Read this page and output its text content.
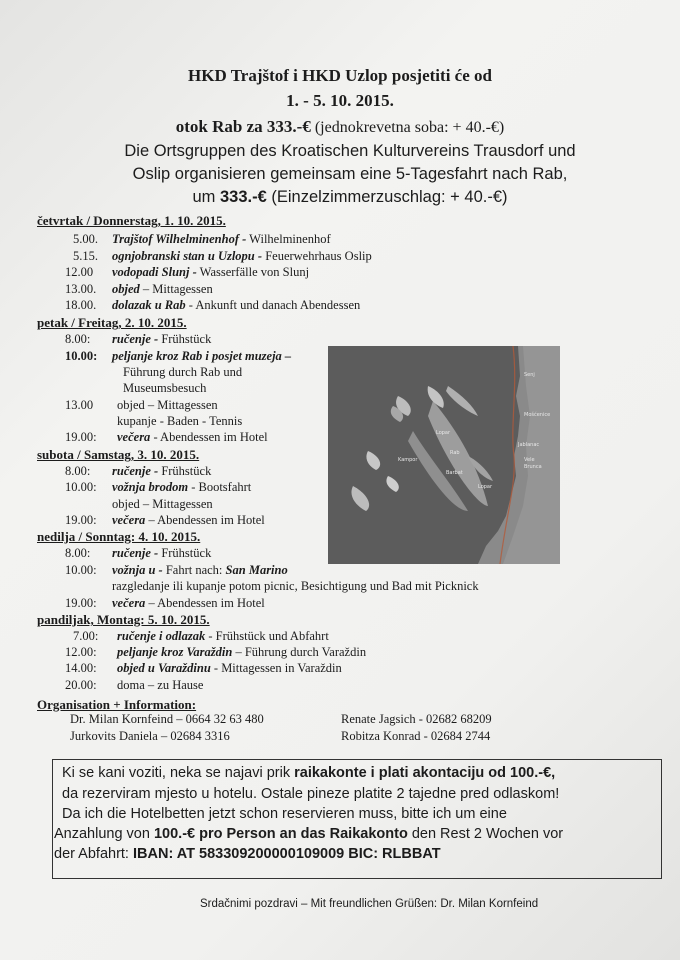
HKD Trajštof i HKD Uzlop posjetiti će od
1. - 5. 10. 2015.
otok Rab za 333.-€ (jednokrevetna soba: + 40.-€)
Die Ortsgruppen des Kroatischen Kulturvereins Trausdorf und
Oslip organisieren gemeinsam eine 5-Tagesfahrt nach Rab,
um 333.-€ (Einzelzimmerzuschlag: + 40.-€)
četvrtak / Donnerstag, 1. 10. 2015.
5.00. Trajštof Wilhelminenhof - Wilhelminenhof
5.15. ognjobranski stan u Uzlopu - Feuerwehrhaus Oslip
12.00 vodopadi Slunj - Wasserfälle von Slunj
13.00. objed – Mittagessen
18.00. dolazak u Rab - Ankunft und danach Abendessen
petak / Freitag, 2. 10. 2015.
8.00: ručenje - Frühstück
10.00: peljanje kroz Rab i posjet muzeja –
Führung durch Rab und
Museumsbesuch
13.00 objed – Mittagessen
kupanje - Baden - Tennis
19.00: večera - Abendessen im Hotel
subota / Samstag, 3. 10. 2015.
8.00: ručenje - Frühstück
10.00: vožnja brodom - Bootsfahrt
objed – Mittagessen
19.00: večera – Abendessen im Hotel
nedilja / Sonntag: 4. 10. 2015.
8.00: ručenje - Frühstück
10.00: vožnja u - Fahrt nach: San Marino
razgledanje ili kupanje potom picnic, Besichtigung und Bad mit Picknick
19.00: večera – Abendessen im Hotel
pandiljak, Montag: 5. 10. 2015.
7.00: ručenje i odlazak - Frühstück und Abfahrt
12.00: peljanje kroz Varaždin – Führung durch Varaždin
14.00: objed u Varaždinu - Mittagessen in Varaždin
20.00: doma – zu Hause
Organisation + Information:
Dr. Milan Kornfeind – 0664 32 63 480
Jurkovits Daniela – 02684 3316
Renate Jagsich - 02682 68209
Robitza Konrad - 02684 2744
Ki se kani voziti, neka se najavi prik raikakonte i plati akontaciju od 100.-€,
da rezerviram mjesto u hotelu. Ostale pineze platite 2 tajedne pred odlaskom!
Da ich die Hotelbetten jetzt schon reservieren muss, bitte ich um eine
Anzahlung von 100.-€ pro Person an das Raikakonto den Rest 2 Wochen vor
der Abfahrt: IBAN: AT 583309200000109009 BIC: RLBBAT
Srdačnimi pozdravi – Mit freundlichen Grüßen: Dr. Milan Kornfeind
Rab
Lopar
Kampor
Barbat
Senj
Jablanac
Vele
Brunca
Mošćenice
Lopar
